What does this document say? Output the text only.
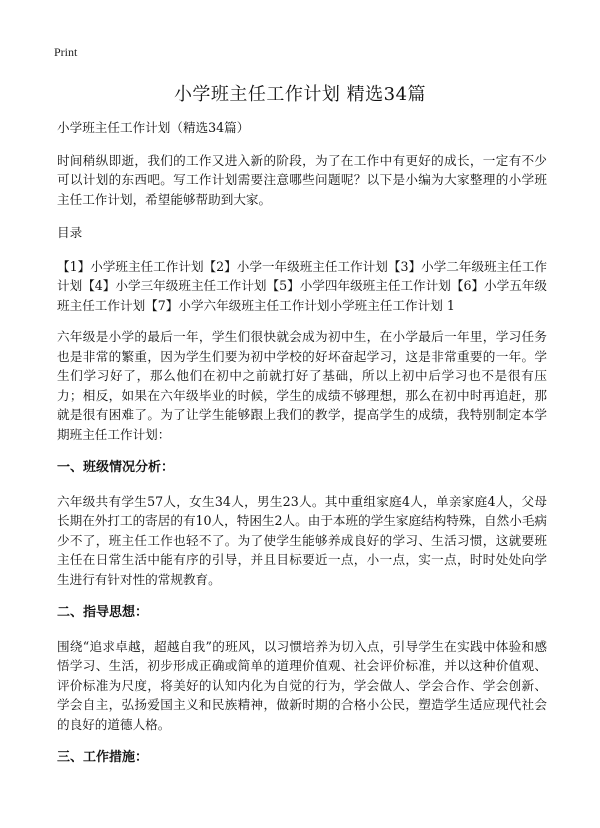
Print
小学班主任工作计划 精选34篇

小学班主任工作计划（精选34篇）

时间稍纵即逝，我们的工作又进入新的阶段，为了在工作中有更好的成长，一定有不少可以计划的东西吧。写工作计划需要注意哪些问题呢？以下是小编为大家整理的小学班主任工作计划，希望能够帮助到大家。

目录

【1】小学班主任工作计划【2】小学一年级班主任工作计划【3】小学二年级班主任工作计划【4】小学三年级班主任工作计划【5】小学四年级班主任工作计划【6】小学五年级班主任工作计划【7】小学六年级班主任工作计划小学班主任工作计划 1

六年级是小学的最后一年，学生们很快就会成为初中生，在小学最后一年里，学习任务也是非常的繁重，因为学生们要为初中学校的好坏奋起学习，这是非常重要的一年。学生们学习好了，那么他们在初中之前就打好了基础，所以上初中后学习也不是很有压力；相反，如果在六年级毕业的时候，学生的成绩不够理想，那么在初中时再追赶，那就是很有困难了。为了让学生能够跟上我们的教学，提高学生的成绩，我特别制定本学期班主任工作计划：

一、班级情况分析：

六年级共有学生57人，女生34人，男生23人。其中重组家庭4人，单亲家庭4人，父母长期在外打工的寄居的有10人，特困生2人。由于本班的学生家庭结构特殊，自然小毛病少不了，班主任工作也轻不了。为了使学生能够养成良好的学习、生活习惯，这就要班主任在日常生活中能有序的引导，并且目标要近一点，小一点，实一点，时时处处向学生进行有针对性的常规教育。

二、指导思想：

围绕“追求卓越，超越自我”的班风，以习惯培养为切入点，引导学生在实践中体验和感悟学习、生活，初步形成正确或简单的道理价值观、社会评价标准，并以这种价值观、评价标准为尺度，将美好的认知内化为自觉的行为，学会做人、学会合作、学会创新、学会自主，弘扬爱国主义和民族精神，做新时期的合格小公民，塑造学生适应现代社会的良好的道德人格。

三、工作措施：
